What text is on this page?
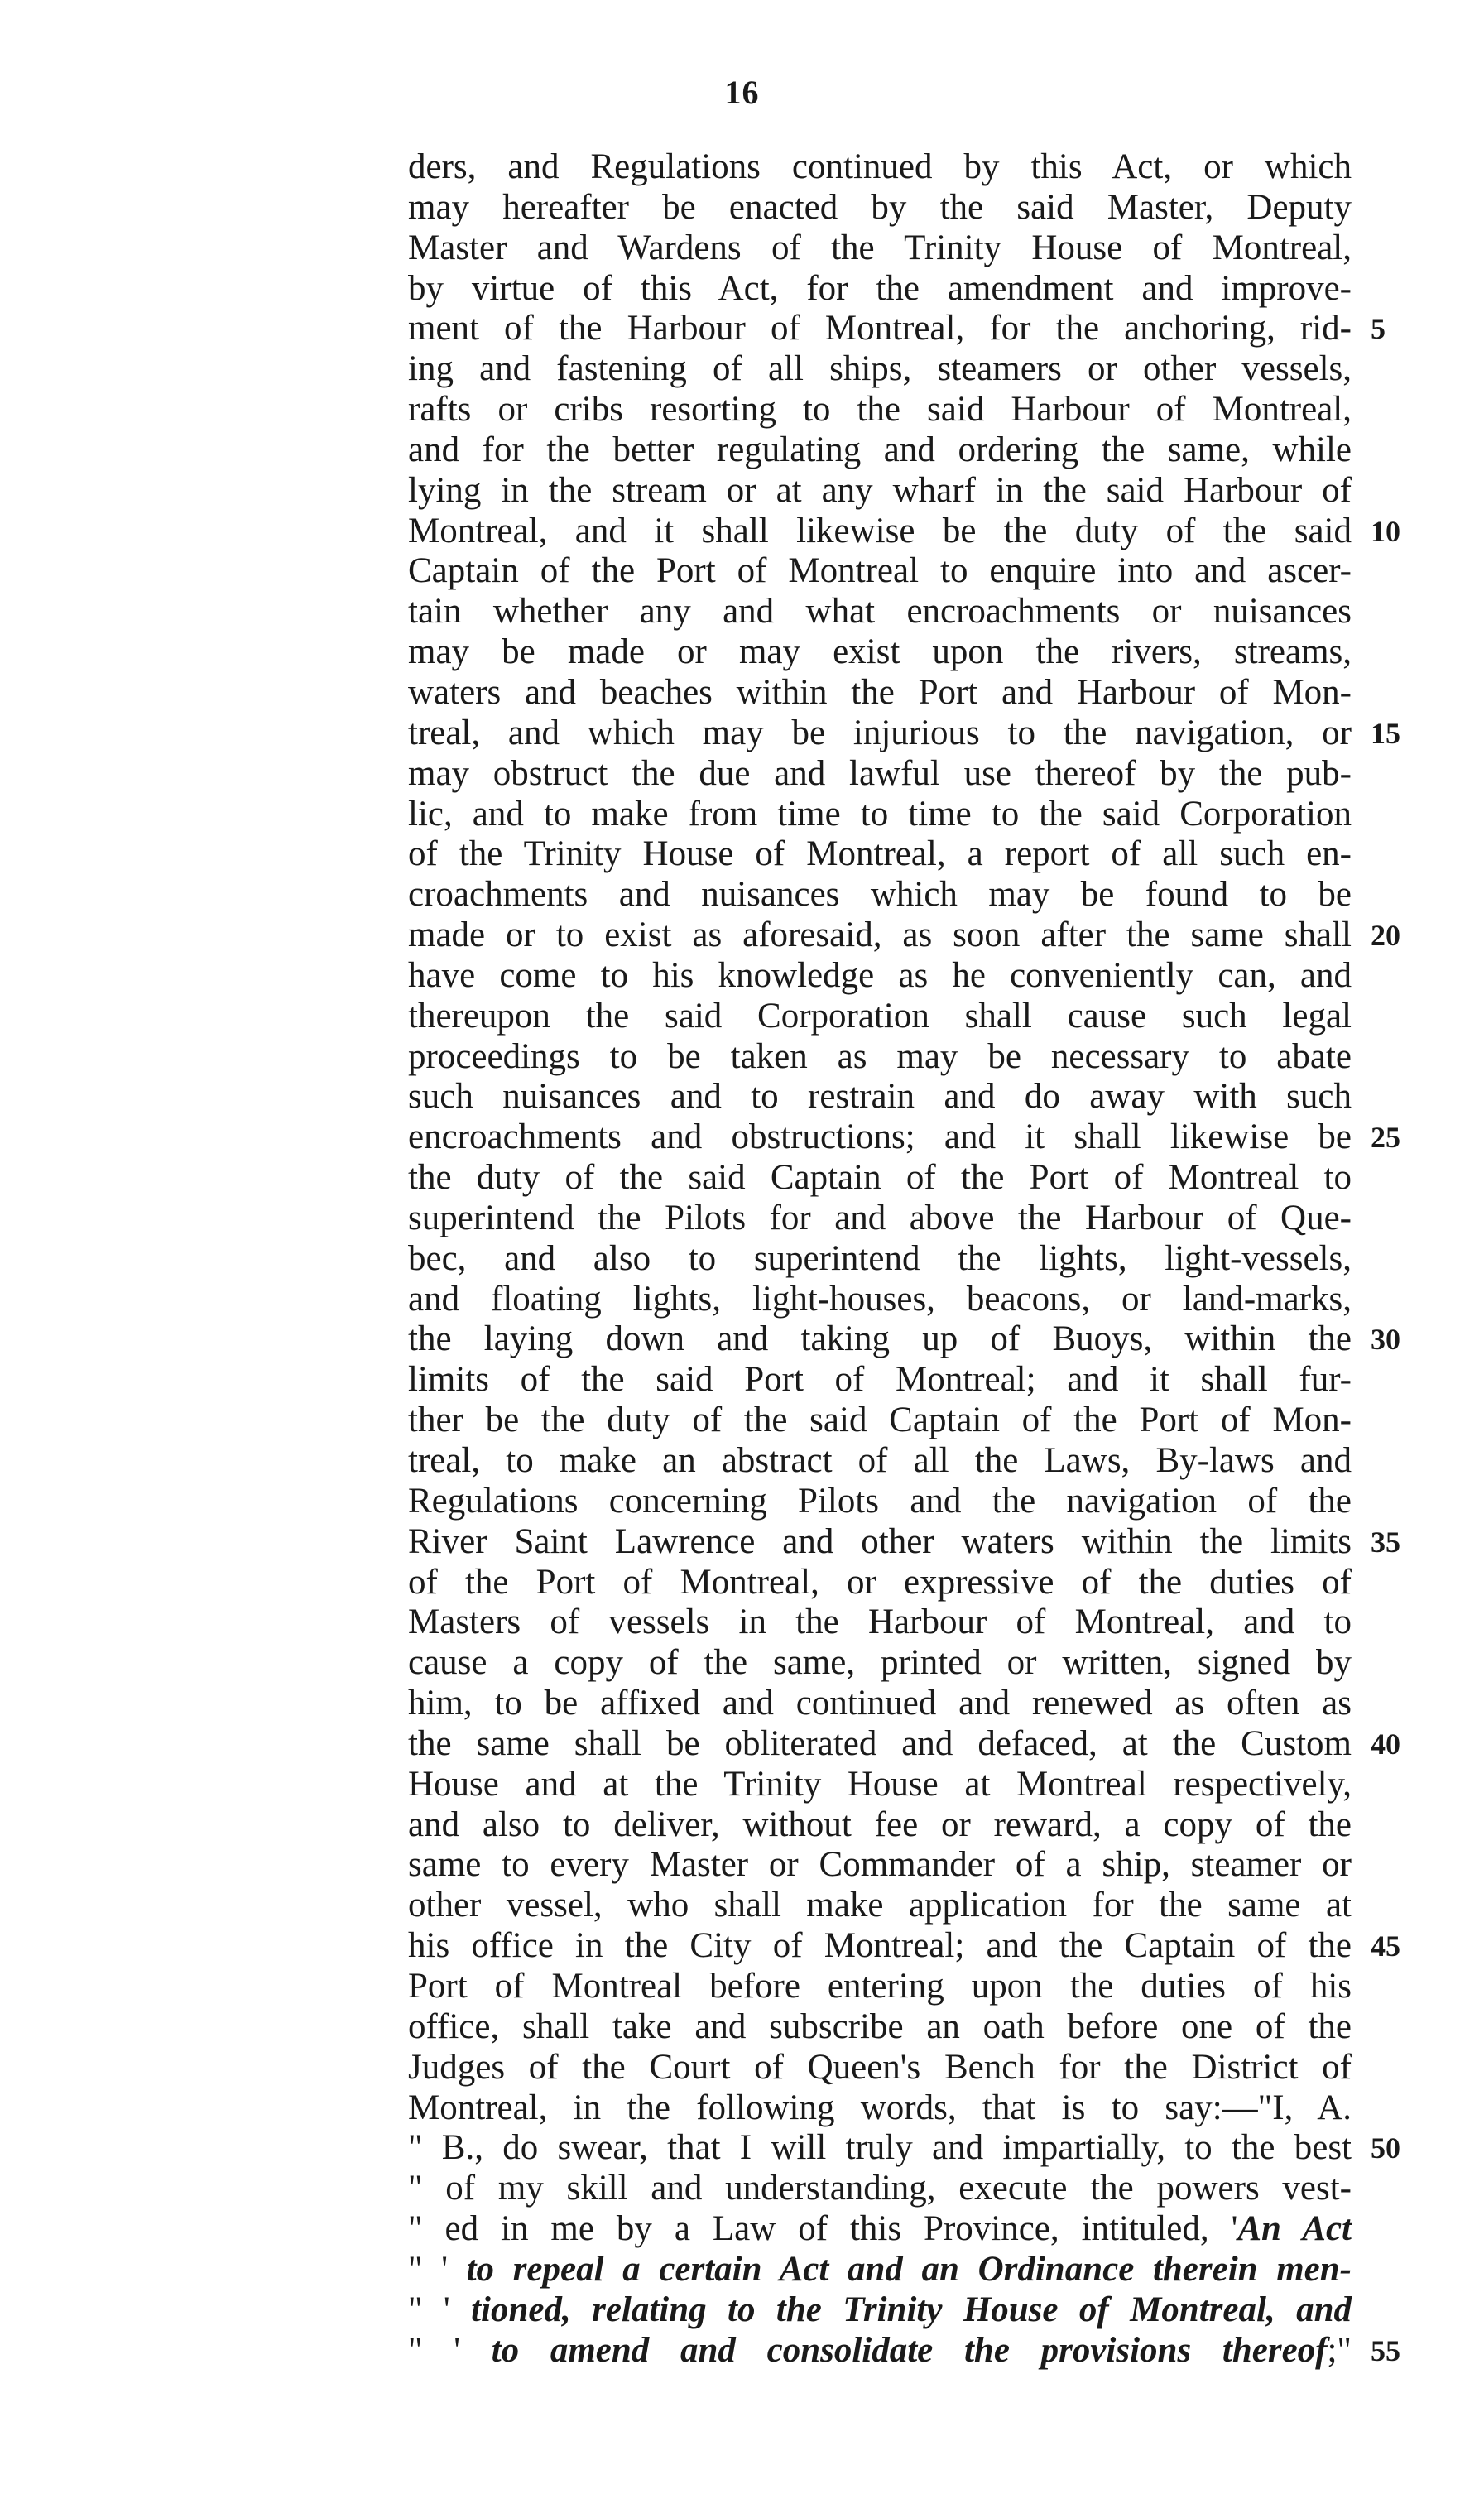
16
ders, and Regulations continued by this Act, or which
may hereafter be enacted by the said Master, Deputy
Master and Wardens of the Trinity House of Montreal,
by virtue of this Act, for the amendment and improve-
ment of the Harbour of Montreal, for the anchoring, rid- 5
ing and fastening of all ships, steamers or other vessels,
rafts or cribs resorting to the said Harbour of Montreal,
and for the better regulating and ordering the same, while
lying in the stream or at any wharf in the said Harbour of
Montreal, and it shall likewise be the duty of the said 10
Captain of the Port of Montreal to enquire into and ascer-
tain whether any and what encroachments or nuisances
may be made or may exist upon the rivers, streams,
waters and beaches within the Port and Harbour of Mon-
treal, and which may be injurious to the navigation, or 15
may obstruct the due and lawful use thereof by the pub-
lic, and to make from time to time to the said Corporation
of the Trinity House of Montreal, a report of all such en-
croachments and nuisances which may be found to be
made or to exist as aforesaid, as soon after the same shall 20
have come to his knowledge as he conveniently can, and
thereupon the said Corporation shall cause such legal
proceedings to be taken as may be necessary to abate
such nuisances and to restrain and do away with such
encroachments and obstructions; and it shall likewise be 25
the duty of the said Captain of the Port of Montreal to
superintend the Pilots for and above the Harbour of Que-
bec, and also to superintend the lights, light-vessels,
and floating lights, light-houses, beacons, or land-marks,
the laying down and taking up of Buoys, within the 30
limits of the said Port of Montreal; and it shall fur-
ther be the duty of the said Captain of the Port of Mon-
treal, to make an abstract of all the Laws, By-laws and
Regulations concerning Pilots and the navigation of the
River Saint Lawrence and other waters within the limits 35
of the Port of Montreal, or expressive of the duties of
Masters of vessels in the Harbour of Montreal, and to
cause a copy of the same, printed or written, signed by
him, to be affixed and continued and renewed as often as
the same shall be obliterated and defaced, at the Custom 40
House and at the Trinity House at Montreal respectively,
and also to deliver, without fee or reward, a copy of the
same to every Master or Commander of a ship, steamer or
other vessel, who shall make application for the same at
his office in the City of Montreal; and the Captain of the 45
Port of Montreal before entering upon the duties of his
office, shall take and subscribe an oath before one of the
Judges of the Court of Queen's Bench for the District of
Montreal, in the following words, that is to say:—"I, A.
" B., do swear, that I will truly and impartially, to the best 50
" of my skill and understanding, execute the powers vest-
" ed in me by a Law of this Province, intituled, 'An Act
" ' to repeal a certain Act and an Ordinance therein men-
" ' tioned, relating to the Trinity House of Montreal, and
" ' to amend and consolidate the provisions thereof;" 55
